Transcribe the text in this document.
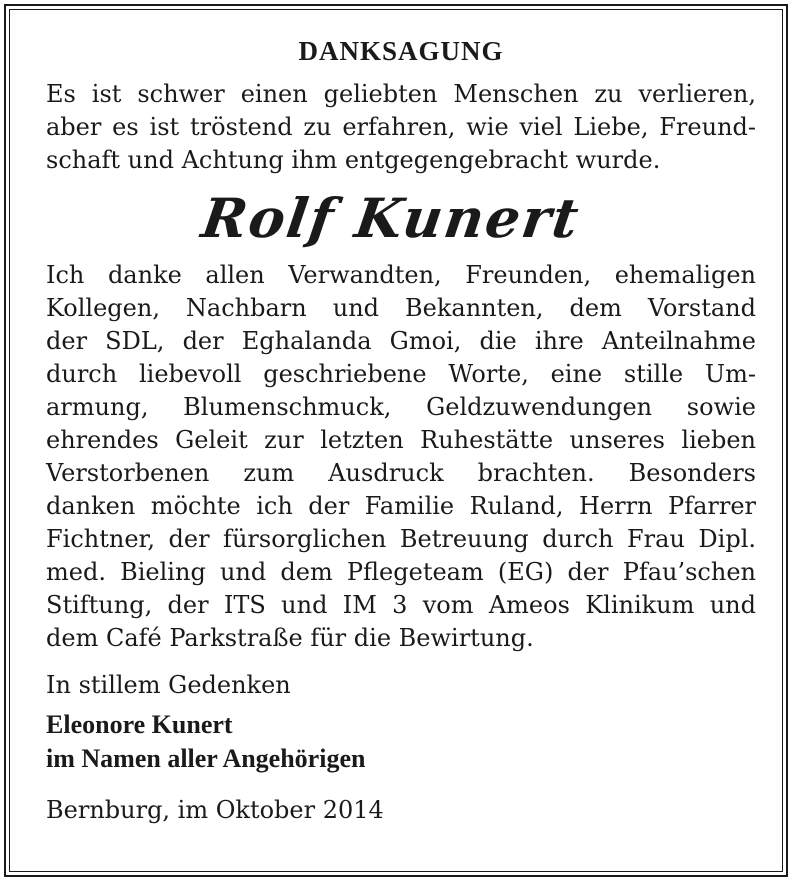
DANKSAGUNG

Es ist schwer einen geliebten Menschen zu verlieren,
aber es ist tröstend zu erfahren, wie viel Liebe, Freund-
schaft und Achtung ihm entgegengebracht wurde.

Rolf Kunert

Ich danke allen Verwandten, Freunden, ehemaligen
Kollegen, Nachbarn und Bekannten, dem Vorstand
der SDL, der Eghalanda Gmoi, die ihre Anteilnahme
durch liebevoll geschriebene Worte, eine stille Um-
armung, Blumenschmuck, Geldzuwendungen sowie
ehrendes Geleit zur letzten Ruhestätte unseres lieben
Verstorbenen zum Ausdruck brachten. Besonders
danken möchte ich der Familie Ruland, Herrn Pfarrer
Fichtner, der fürsorglichen Betreuung durch Frau Dipl.
med. Bieling und dem Pflegeteam (EG) der Pfau’schen
Stiftung, der ITS und IM 3 vom Ameos Klinikum und
dem Café Parkstraße für die Bewirtung.

In stillem Gedenken
Eleonore Kunert
im Namen aller Angehörigen
Bernburg, im Oktober 2014
